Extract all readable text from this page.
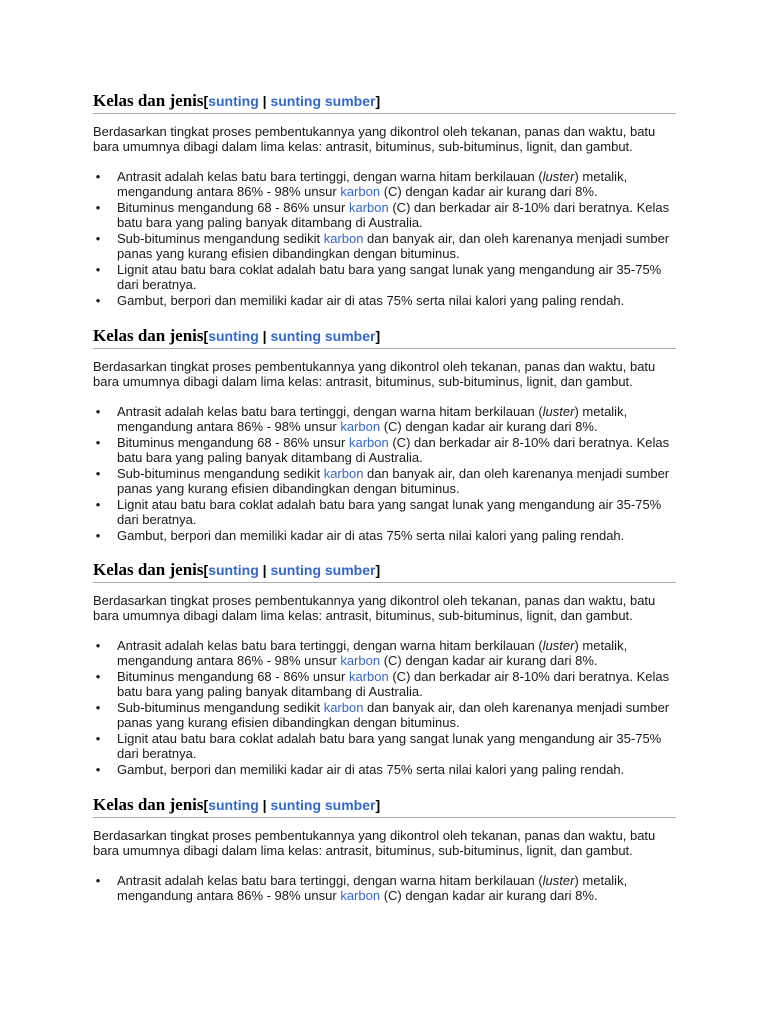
Kelas dan jenis[sunting | sunting sumber]

Berdasarkan tingkat proses pembentukannya yang dikontrol oleh tekanan, panas dan waktu, batu bara umumnya dibagi dalam lima kelas: antrasit, bituminus, sub-bituminus, lignit, dan gambut.

• Antrasit adalah kelas batu bara tertinggi, dengan warna hitam berkilauan (luster) metalik, mengandung antara 86% - 98% unsur karbon (C) dengan kadar air kurang dari 8%.
• Bituminus mengandung 68 - 86% unsur karbon (C) dan berkadar air 8-10% dari beratnya. Kelas batu bara yang paling banyak ditambang di Australia.
• Sub-bituminus mengandung sedikit karbon dan banyak air, dan oleh karenanya menjadi sumber panas yang kurang efisien dibandingkan dengan bituminus.
• Lignit atau batu bara coklat adalah batu bara yang sangat lunak yang mengandung air 35-75% dari beratnya.
• Gambut, berpori dan memiliki kadar air di atas 75% serta nilai kalori yang paling rendah.
Kelas dan jenis[sunting | sunting sumber]

Berdasarkan tingkat proses pembentukannya yang dikontrol oleh tekanan, panas dan waktu, batu bara umumnya dibagi dalam lima kelas: antrasit, bituminus, sub-bituminus, lignit, dan gambut.

• Antrasit adalah kelas batu bara tertinggi, dengan warna hitam berkilauan (luster) metalik, mengandung antara 86% - 98% unsur karbon (C) dengan kadar air kurang dari 8%.
• Bituminus mengandung 68 - 86% unsur karbon (C) dan berkadar air 8-10% dari beratnya. Kelas batu bara yang paling banyak ditambang di Australia.
• Sub-bituminus mengandung sedikit karbon dan banyak air, dan oleh karenanya menjadi sumber panas yang kurang efisien dibandingkan dengan bituminus.
• Lignit atau batu bara coklat adalah batu bara yang sangat lunak yang mengandung air 35-75% dari beratnya.
• Gambut, berpori dan memiliki kadar air di atas 75% serta nilai kalori yang paling rendah.
Kelas dan jenis[sunting | sunting sumber]

Berdasarkan tingkat proses pembentukannya yang dikontrol oleh tekanan, panas dan waktu, batu bara umumnya dibagi dalam lima kelas: antrasit, bituminus, sub-bituminus, lignit, dan gambut.

• Antrasit adalah kelas batu bara tertinggi, dengan warna hitam berkilauan (luster) metalik, mengandung antara 86% - 98% unsur karbon (C) dengan kadar air kurang dari 8%.
• Bituminus mengandung 68 - 86% unsur karbon (C) dan berkadar air 8-10% dari beratnya. Kelas batu bara yang paling banyak ditambang di Australia.
• Sub-bituminus mengandung sedikit karbon dan banyak air, dan oleh karenanya menjadi sumber panas yang kurang efisien dibandingkan dengan bituminus.
• Lignit atau batu bara coklat adalah batu bara yang sangat lunak yang mengandung air 35-75% dari beratnya.
• Gambut, berpori dan memiliki kadar air di atas 75% serta nilai kalori yang paling rendah.
Kelas dan jenis[sunting | sunting sumber]

Berdasarkan tingkat proses pembentukannya yang dikontrol oleh tekanan, panas dan waktu, batu bara umumnya dibagi dalam lima kelas: antrasit, bituminus, sub-bituminus, lignit, dan gambut.

• Antrasit adalah kelas batu bara tertinggi, dengan warna hitam berkilauan (luster) metalik, mengandung antara 86% - 98% unsur karbon (C) dengan kadar air kurang dari 8%.
